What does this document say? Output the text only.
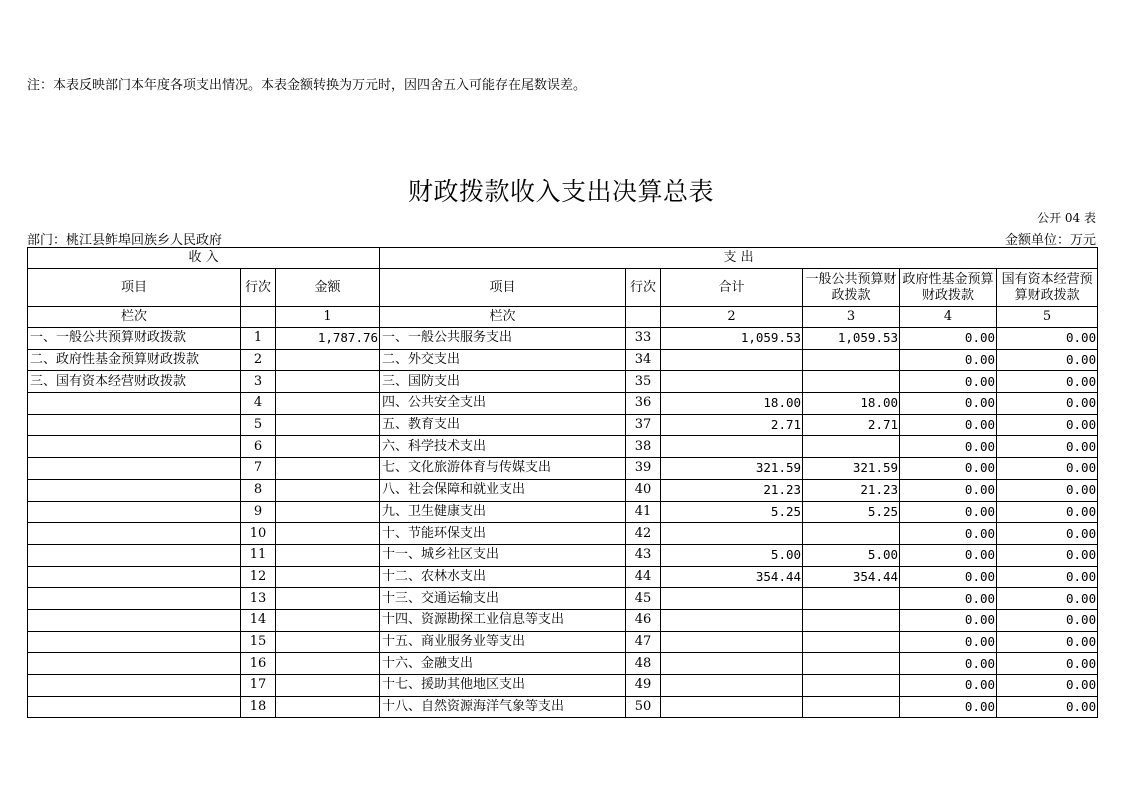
注：本表反映部门本年度各项支出情况。本表金额转换为万元时，因四舍五入可能存在尾数误差。
财政拨款收入支出决算总表
公开 04 表
部门：桃江县鲊埠回族乡人民政府	金额单位：万元
收 入			支 出					
项目	行次	金额	项目	行次	合计	一般公共预算财政拨款	政府性基金预算财政拨款	国有资本经营预算财政拨款
栏次		1	栏次		2	3	4	5
一、一般公共预算财政拨款	1	1,787.76	一、一般公共服务支出	33	1,059.53	1,059.53	0.00	0.00
二、政府性基金预算财政拨款	2		二、外交支出	34			0.00	0.00
三、国有资本经营财政拨款	3		三、国防支出	35			0.00	0.00
	4		四、公共安全支出	36	18.00	18.00	0.00	0.00
	5		五、教育支出	37	2.71	2.71	0.00	0.00
	6		六、科学技术支出	38			0.00	0.00
	7		七、文化旅游体育与传媒支出	39	321.59	321.59	0.00	0.00
	8		八、社会保障和就业支出	40	21.23	21.23	0.00	0.00
	9		九、卫生健康支出	41	5.25	5.25	0.00	0.00
	10		十、节能环保支出	42			0.00	0.00
	11		十一、城乡社区支出	43	5.00	5.00	0.00	0.00
	12		十二、农林水支出	44	354.44	354.44	0.00	0.00
	13		十三、交通运输支出	45			0.00	0.00
	14		十四、资源勘探工业信息等支出	46			0.00	0.00
	15		十五、商业服务业等支出	47			0.00	0.00
	16		十六、金融支出	48			0.00	0.00
	17		十七、援助其他地区支出	49			0.00	0.00
	18		十八、自然资源海洋气象等支出	50			0.00	0.00
